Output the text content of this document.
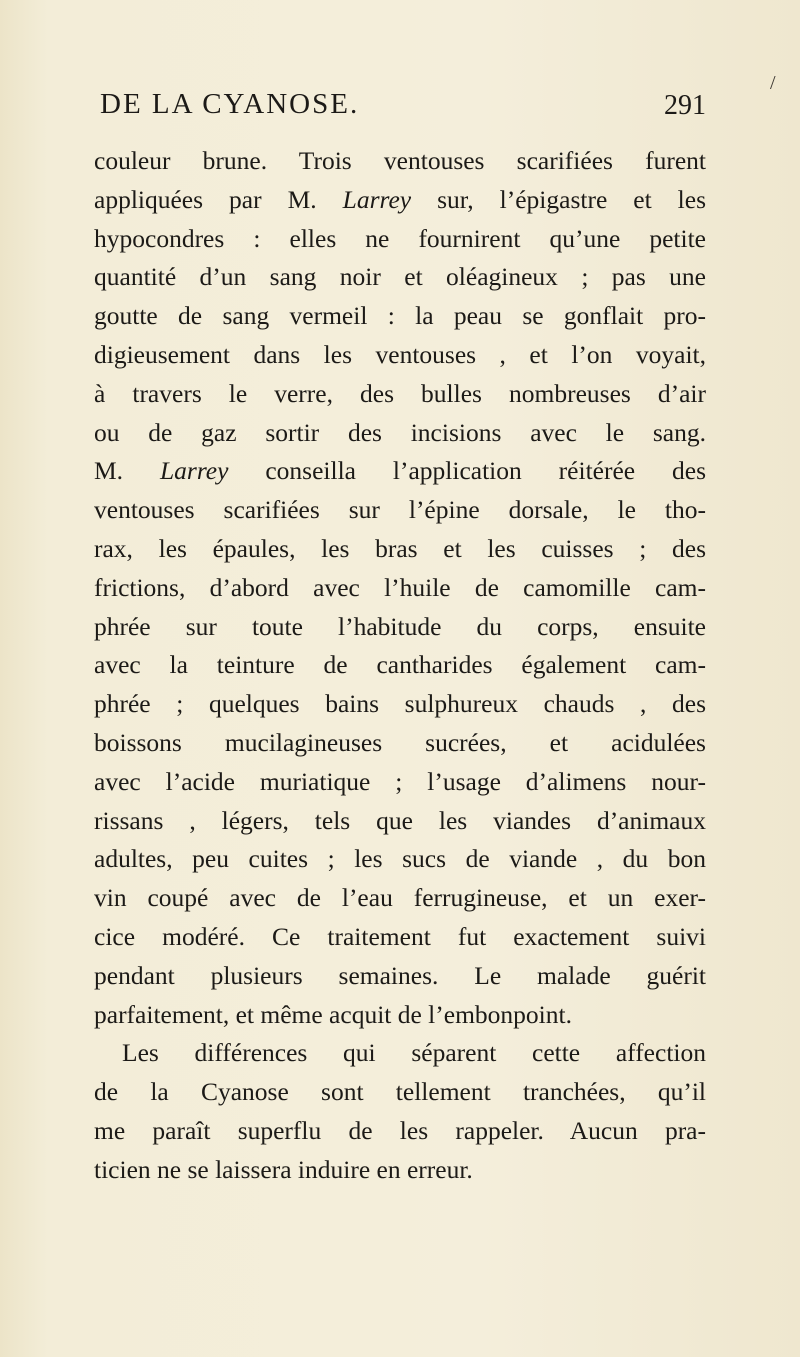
/
DE LA CYANOSE.	291
couleur brune. Trois ventouses scarifiées furent
appliquées par M. Larrey sur, l’épigastre et les
hypocondres : elles ne fournirent qu’une petite
quantité d’un sang noir et oléagineux ; pas une
goutte de sang vermeil : la peau se gonflait pro-
digieusement dans les ventouses , et l’on voyait,
à travers le verre, des bulles nombreuses d’air
ou de gaz sortir des incisions avec le sang.
M. Larrey conseilla l’application réitérée des
ventouses scarifiées sur l’épine dorsale, le tho-
rax, les épaules, les bras et les cuisses ; des
frictions, d’abord avec l’huile de camomille cam-
phrée sur toute l’habitude du corps, ensuite
avec la teinture de cantharides également cam-
phrée ; quelques bains sulphureux chauds , des
boissons mucilagineuses sucrées, et acidulées
avec l’acide muriatique ; l’usage d’alimens nour-
rissans , légers, tels que les viandes d’animaux
adultes, peu cuites ; les sucs de viande , du bon
vin coupé avec de l’eau ferrugineuse, et un exer-
cice modéré. Ce traitement fut exactement suivi
pendant plusieurs semaines. Le malade guérit
parfaitement, et même acquit de l’embonpoint.
Les différences qui séparent cette affection
de la Cyanose sont tellement tranchées, qu’il
me paraît superflu de les rappeler. Aucun pra-
ticien ne se laissera induire en erreur.
